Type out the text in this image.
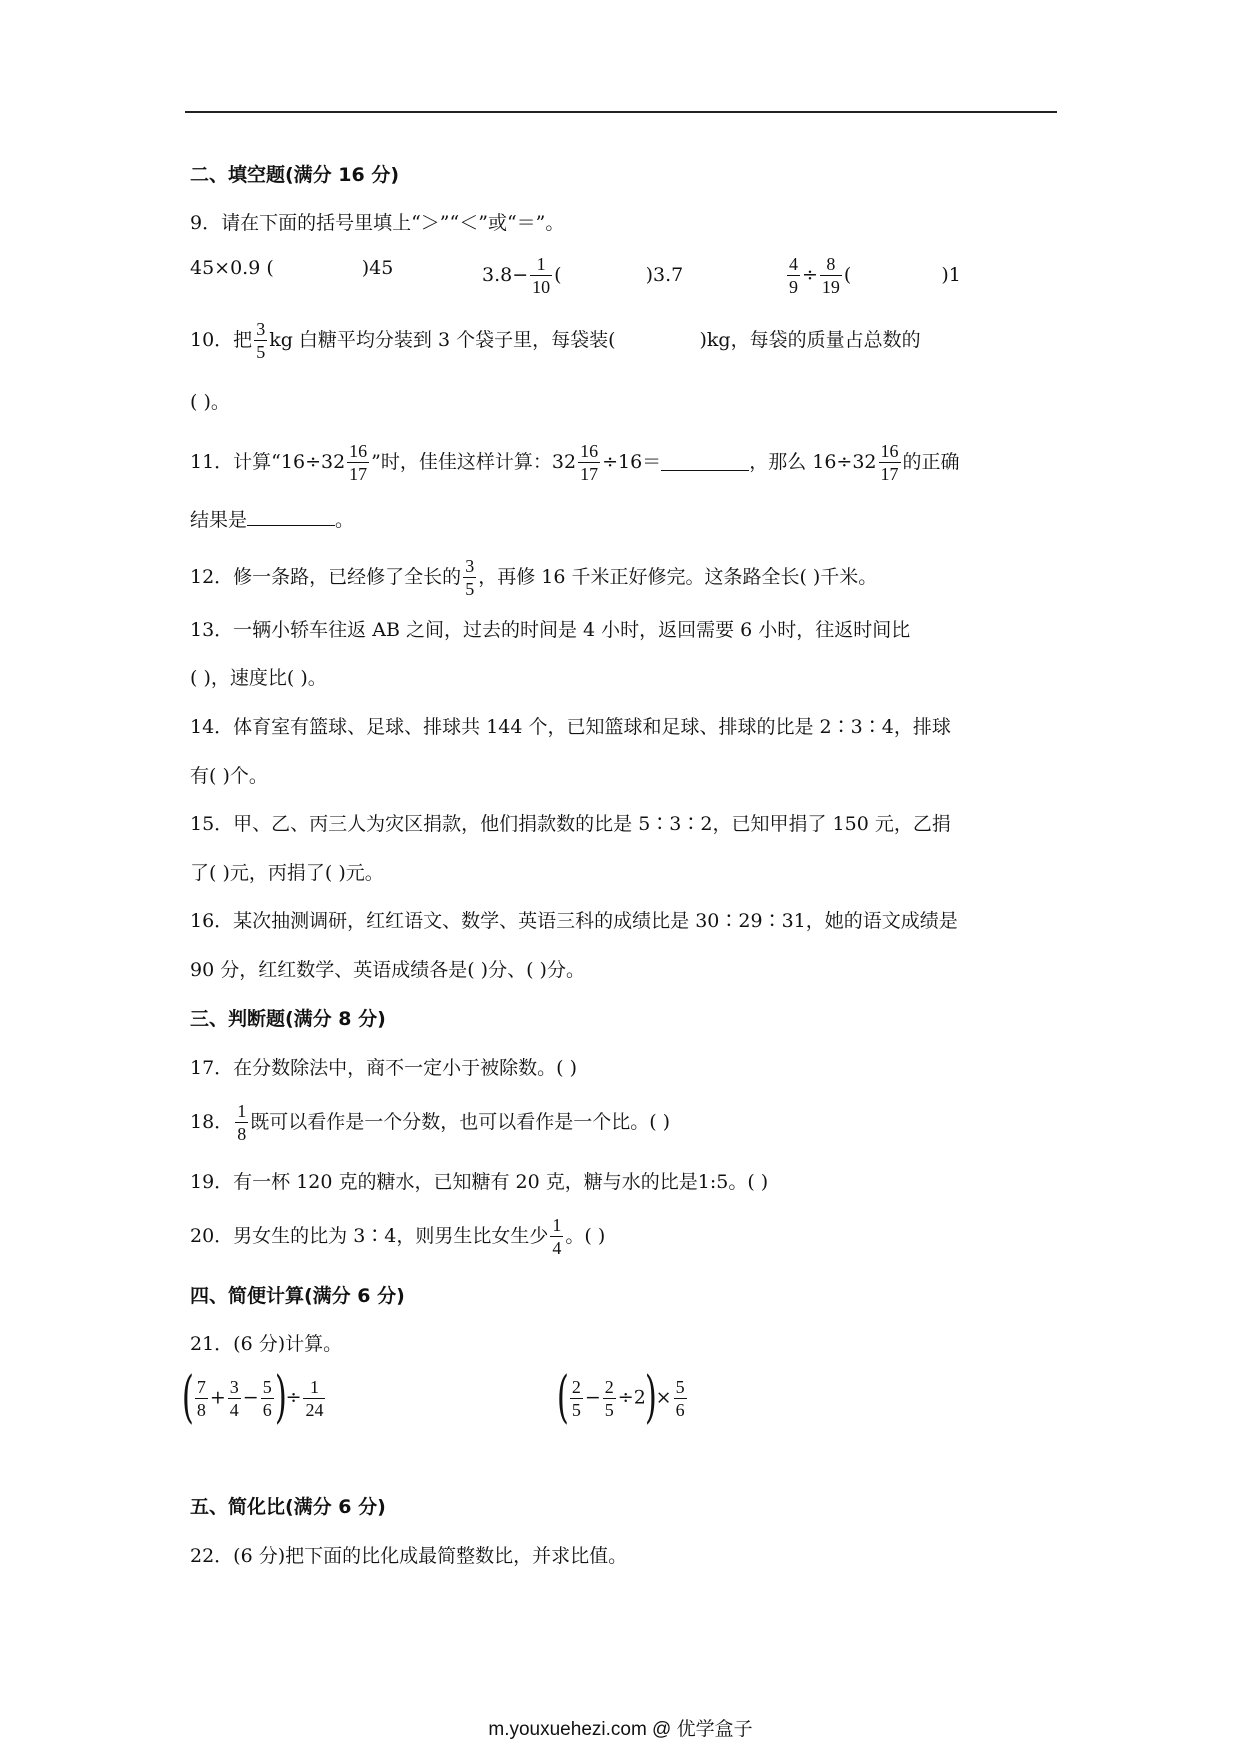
二、填空题(满分 16 分)
9．请在下面的括号里填上“＞”“＜”或“＝”。
45×0.9 (	)45	$3.8- \frac{1}{10}$ (	)3.7	$\frac{4}{9} \div \frac{8}{19}$ (	)1
10．把 $\frac{3}{5}$ kg 白糖平均分装到 3 个袋子里，每袋装(	)kg，每袋的质量占总数的
( )。
11．计算“$16\div 32 \frac{16}{17}$ ”时，佳佳这样计算：$32 \frac{16}{17} \div 16=$	，那么 $16\div 32 \frac{16}{17}$ 的正确
结果是	。
12．修一条路，已经修了全长的 $\frac{3}{5}$ ，再修 16 千米正好修完。这条路全长( )千米。
13．一辆小轿车往返 AB 之间，过去的时间是 4 小时，返回需要 6 小时，往返时间比
( )，速度比( )。
14．体育室有篮球、足球、排球共 144 个，已知篮球和足球、排球的比是 2∶3∶4，排球
有( )个。
15．甲、乙、丙三人为灾区捐款，他们捐款数的比是 5∶3∶2，已知甲捐了 150 元，乙捐
了( )元，丙捐了( )元。
16．某次抽测调研，红红语文、数学、英语三科的成绩比是 30∶29∶31，她的语文成绩是
90 分，红红数学、英语成绩各是( )分、( )分。
三、判断题(满分 8 分)
17．在分数除法中，商不一定小于被除数。( )
18． $\frac{1}{8}$ 既可以看作是一个分数，也可以看作是一个比。( )
19．有一杯 120 克的糖水，已知糖有 20 克，糖与水的比是1:5。( )
20．男女生的比为 3∶4，则男生比女生少 $\frac{1}{4}$ 。( )
四、简便计算(满分 6 分)
21．(6 分)计算。
( $\frac{7}{8} + \frac{3}{4} - \frac{5}{6}$ )÷ $\frac{1}{24}$	( $\frac{2}{5} - \frac{2}{5} \div 2)\times \frac{5}{6}$
五、简化比(满分 6 分)
22．(6 分)把下面的比化成最简整数比，并求比值。
m.youxuehezi.com @ 优学盒子
